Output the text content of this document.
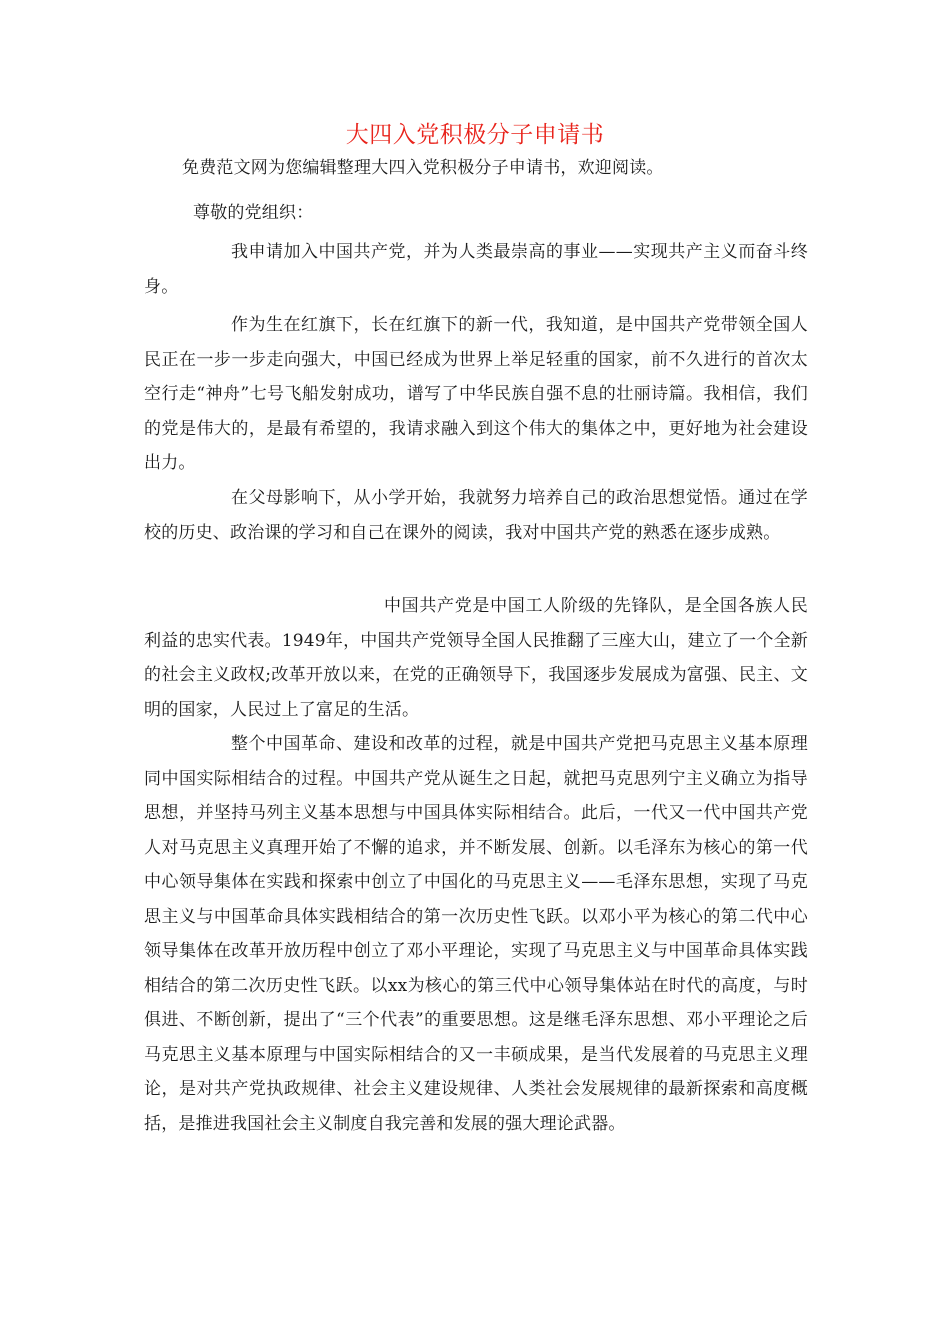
大四入党积极分子申请书

免费范文网为您编辑整理大四入党积极分子申请书，欢迎阅读。

尊敬的党组织：

我申请加入中国共产党，并为人类最崇高的事业——实现共产主义而奋斗终身。

作为生在红旗下，长在红旗下的新一代，我知道，是中国共产党带领全国人民正在一步一步走向强大，中国已经成为世界上举足轻重的国家，前不久进行的首次太空行走“神舟”七号飞船发射成功，谱写了中华民族自强不息的壮丽诗篇。我相信，我们的党是伟大的，是最有希望的，我请求融入到这个伟大的集体之中，更好地为社会建设出力。

在父母影响下，从小学开始，我就努力培养自己的政治思想觉悟。通过在学校的历史、政治课的学习和自己在课外的阅读，我对中国共产党的熟悉在逐步成熟。

中国共产党是中国工人阶级的先锋队，是全国各族人民利益的忠实代表。1949年，中国共产党领导全国人民推翻了三座大山，建立了一个全新的社会主义政权;改革开放以来，在党的正确领导下，我国逐步发展成为富强、民主、文明的国家，人民过上了富足的生活。

整个中国革命、建设和改革的过程，就是中国共产党把马克思主义基本原理同中国实际相结合的过程。中国共产党从诞生之日起，就把马克思列宁主义确立为指导思想，并坚持马列主义基本思想与中国具体实际相结合。此后，一代又一代中国共产党人对马克思主义真理开始了不懈的追求，并不断发展、创新。以毛泽东为核心的第一代中心领导集体在实践和探索中创立了中国化的马克思主义——毛泽东思想，实现了马克思主义与中国革命具体实践相结合的第一次历史性飞跃。以邓小平为核心的第二代中心领导集体在改革开放历程中创立了邓小平理论，实现了马克思主义与中国革命具体实践相结合的第二次历史性飞跃。以xx为核心的第三代中心领导集体站在时代的高度，与时俱进、不断创新，提出了“三个代表”的重要思想。这是继毛泽东思想、邓小平理论之后马克思主义基本原理与中国实际相结合的又一丰硕成果，是当代发展着的马克思主义理论，是对共产党执政规律、社会主义建设规律、人类社会发展规律的最新探索和高度概括，是推进我国社会主义制度自我完善和发展的强大理论武器。
